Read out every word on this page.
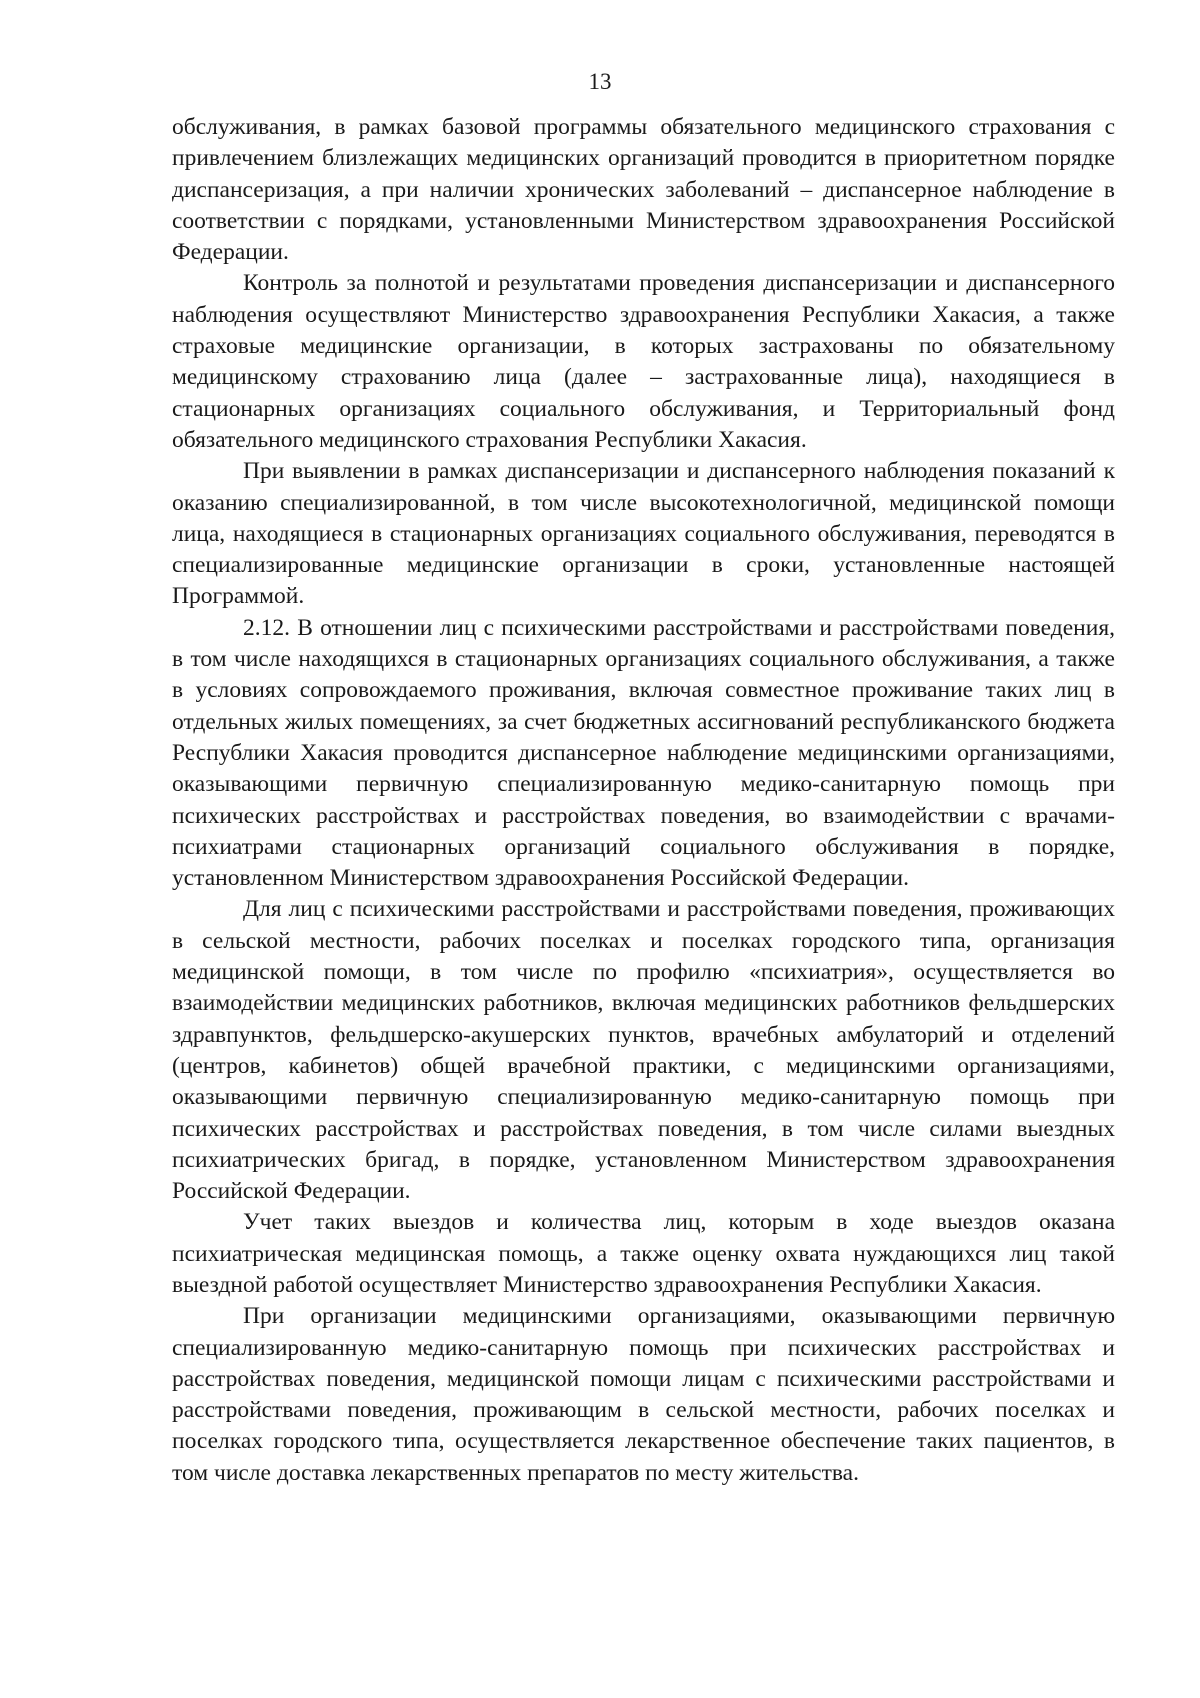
13

обслуживания, в рамках базовой программы обязательного медицинского страхования с привлечением близлежащих медицинских организаций проводится в приоритетном порядке диспансеризация, а при наличии хронических заболеваний – диспансерное наблюдение в соответствии с порядками, установленными Министерством здравоохранения Российской Федерации.

Контроль за полнотой и результатами проведения диспансеризации и диспансерного наблюдения осуществляют Министерство здравоохранения Республики Хакасия, а также страховые медицинские организации, в которых застрахованы по обязательному медицинскому страхованию лица (далее – застрахованные лица), находящиеся в стационарных организациях социального обслуживания, и Территориальный фонд обязательного медицинского страхования Республики Хакасия.

При выявлении в рамках диспансеризации и диспансерного наблюдения показаний к оказанию специализированной, в том числе высокотехнологичной, медицинской помощи лица, находящиеся в стационарных организациях социального обслуживания, переводятся в специализированные медицинские организации в сроки, установленные настоящей Программой.

2.12. В отношении лиц с психическими расстройствами и расстройствами поведения, в том числе находящихся в стационарных организациях социального обслуживания, а также в условиях сопровождаемого проживания, включая совместное проживание таких лиц в отдельных жилых помещениях, за счет бюджетных ассигнований республиканского бюджета Республики Хакасия проводится диспансерное наблюдение медицинскими организациями, оказывающими первичную специализированную медико-санитарную помощь при психических расстройствах и расстройствах поведения, во взаимодействии с врачами-психиатрами стационарных организаций социального обслуживания в порядке, установленном Министерством здравоохранения Российской Федерации.

Для лиц с психическими расстройствами и расстройствами поведения, проживающих в сельской местности, рабочих поселках и поселках городского типа, организация медицинской помощи, в том числе по профилю «психиатрия», осуществляется во взаимодействии медицинских работников, включая медицинских работников фельдшерских здравпунктов, фельдшерско-акушерских пунктов, врачебных амбулаторий и отделений (центров, кабинетов) общей врачебной практики, с медицинскими организациями, оказывающими первичную специализированную медико-санитарную помощь при психических расстройствах и расстройствах поведения, в том числе силами выездных психиатрических бригад, в порядке, установленном Министерством здравоохранения Российской Федерации.

Учет таких выездов и количества лиц, которым в ходе выездов оказана психиатрическая медицинская помощь, а также оценку охвата нуждающихся лиц такой выездной работой осуществляет Министерство здравоохранения Республики Хакасия.

При организации медицинскими организациями, оказывающими первичную специализированную медико-санитарную помощь при психических расстройствах и расстройствах поведения, медицинской помощи лицам с психическими расстройствами и расстройствами поведения, проживающим в сельской местности, рабочих поселках и поселках городского типа, осуществляется лекарственное обеспечение таких пациентов, в том числе доставка лекарственных препаратов по месту жительства.
